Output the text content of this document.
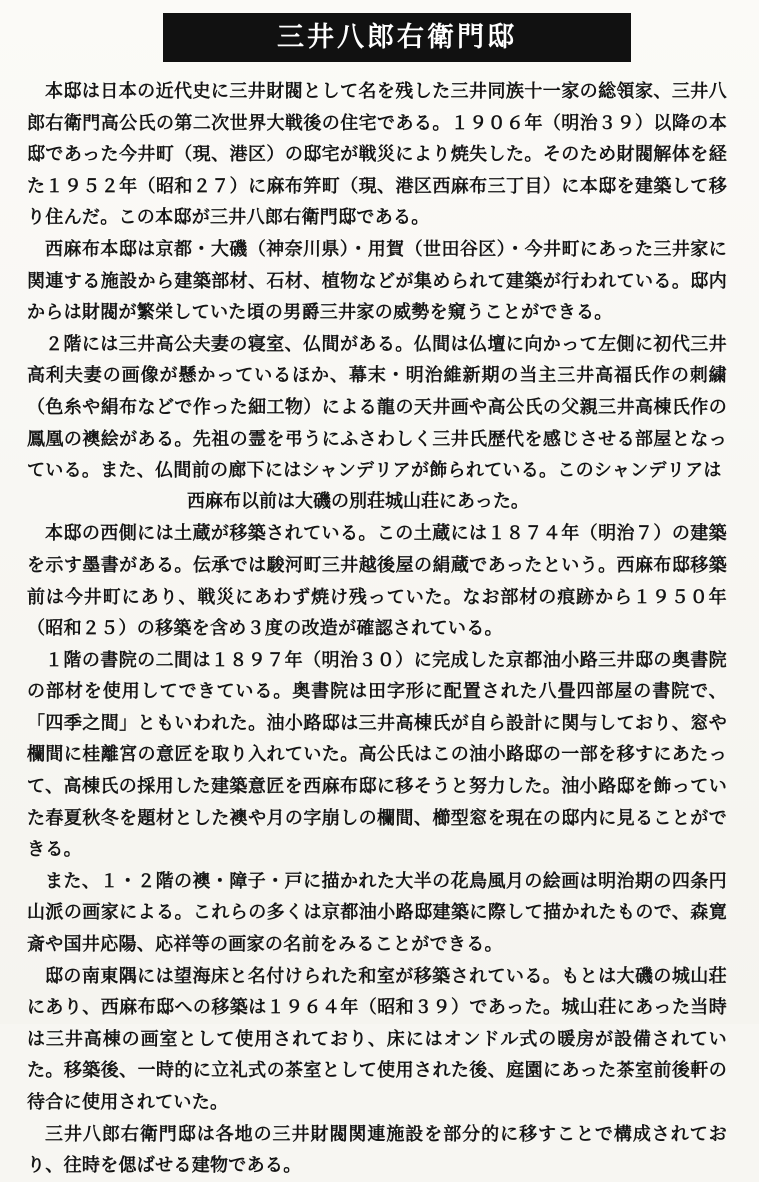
三井八郎右衛門邸

本邸は日本の近代史に三井財閥として名を残した三井同族十一家の総領家、三井八郎右衛門高公氏の第二次世界大戦後の住宅である。１９０６年（明治３９）以降の本邸であった今井町（現、港区）の邸宅が戦災により焼失した。そのため財閥解体を経た１９５２年（昭和２７）に麻布笄町（現、港区西麻布三丁目）に本邸を建築して移り住んだ。この本邸が三井八郎右衛門邸である。

西麻布本邸は京都・大磯（神奈川県）・用賀（世田谷区）・今井町にあった三井家に関連する施設から建築部材、石材、植物などが集められて建築が行われている。邸内からは財閥が繁栄していた頃の男爵三井家の威勢を窺うことができる。

２階には三井高公夫妻の寝室、仏間がある。仏間は仏壇に向かって左側に初代三井高利夫妻の画像が懸かっているほか、幕末・明治維新期の当主三井高福氏作の刺繍（色糸や絹布などで作った細工物）による龍の天井画や高公氏の父親三井高棟氏作の鳳凰の襖絵がある。先祖の霊を弔うにふさわしく三井氏歴代を感じさせる部屋となっている。また、仏間前の廊下にはシャンデリアが飾られている。このシャンデリアは

西麻布以前は大磯の別荘城山荘にあった。

本邸の西側には土蔵が移築されている。この土蔵には１８７４年（明治７）の建築を示す墨書がある。伝承では駿河町三井越後屋の絹蔵であったという。西麻布邸移築前は今井町にあり、戦災にあわず焼け残っていた。なお部材の痕跡から１９５０年（昭和２５）の移築を含め３度の改造が確認されている。

１階の書院の二間は１８９７年（明治３０）に完成した京都油小路三井邸の奥書院の部材を使用してできている。奥書院は田字形に配置された八畳四部屋の書院で、「四季之間」ともいわれた。油小路邸は三井高棟氏が自ら設計に関与しており、窓や欄間に桂離宮の意匠を取り入れていた。高公氏はこの油小路邸の一部を移すにあたって、高棟氏の採用した建築意匠を西麻布邸に移そうと努力した。油小路邸を飾っていた春夏秋冬を題材とした襖や月の字崩しの欄間、櫛型窓を現在の邸内に見ることができる。

また、１・２階の襖・障子・戸に描かれた大半の花鳥風月の絵画は明治期の四条円山派の画家による。これらの多くは京都油小路邸建築に際して描かれたもので、森寛斎や国井応陽、応祥等の画家の名前をみることができる。

邸の南東隅には望海床と名付けられた和室が移築されている。もとは大磯の城山荘にあり、西麻布邸への移築は１９６４年（昭和３９）であった。城山荘にあった当時は三井高棟の画室として使用されており、床にはオンドル式の暖房が設備されていた。移築後、一時的に立礼式の茶室として使用された後、庭園にあった茶室前後軒の待合に使用されていた。

三井八郎右衛門邸は各地の三井財閥関連施設を部分的に移すことで構成されており、往時を偲ばせる建物である。
